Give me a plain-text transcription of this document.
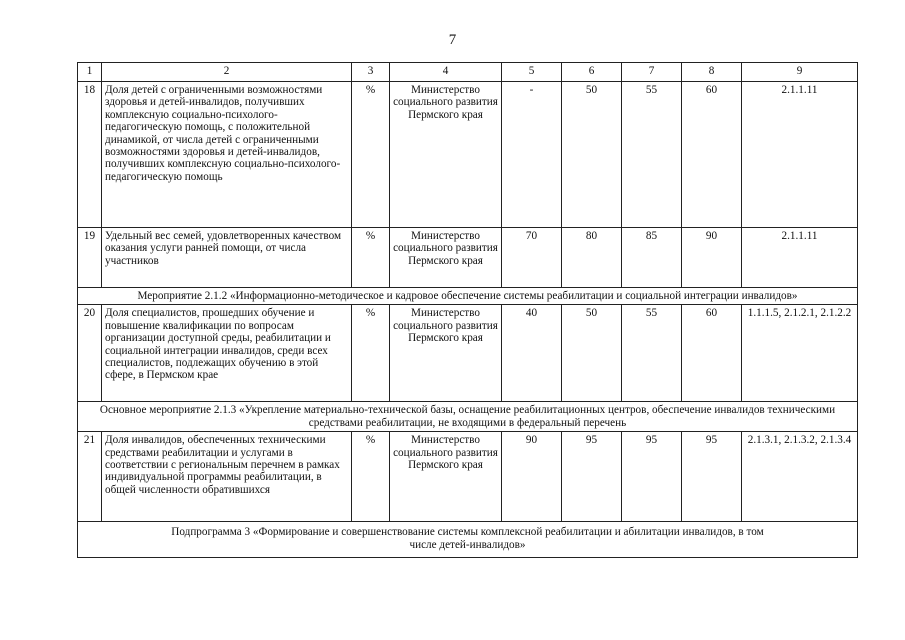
7
1	2	3	4	5	6	7	8	9
18	Доля детей с ограниченными возможностями здоровья и детей-инвалидов, получивших комплексную социально-психолого-педагогическую помощь, с положительной динамикой, от числа детей с ограниченными возможностями здоровья и детей-инвалидов, получивших комплексную социально-психолого-педагогическую помощь	%	Министерство социального развития Пермского края	-	50	55	60	2.1.1.11
19	Удельный вес семей, удовлетворенных качеством оказания услуги ранней помощи, от числа участников	%	Министерство социального развития Пермского края	70	80	85	90	2.1.1.11
Мероприятие 2.1.2 «Информационно-методическое и кадровое обеспечение системы реабилитации и социальной интеграции инвалидов»								
20	Доля специалистов, прошедших обучение и повышение квалификации по вопросам организации доступной среды, реабилитации и социальной интеграции инвалидов, среди всех специалистов, подлежащих обучению в этой сфере, в Пермском крае	%	Министерство социального развития Пермского края	40	50	55	60	1.1.1.5, 2.1.2.1, 2.1.2.2
Основное мероприятие 2.1.3 «Укрепление материально-технической базы, оснащение реабилитационных центров, обеспечение инвалидов техническими средствами реабилитации, не входящими в федеральный перечень								
21	Доля инвалидов, обеспеченных техническими средствами реабилитации и услугами в соответствии с региональным перечнем в рамках индивидуальной программы реабилитации, в общей численности обратившихся	%	Министерство социального развития Пермского края	90	95	95	95	2.1.3.1, 2.1.3.2, 2.1.3.4
Подпрограмма 3 «Формирование и совершенствование системы комплексной реабилитации и абилитации инвалидов, в том числе детей-инвалидов»								
